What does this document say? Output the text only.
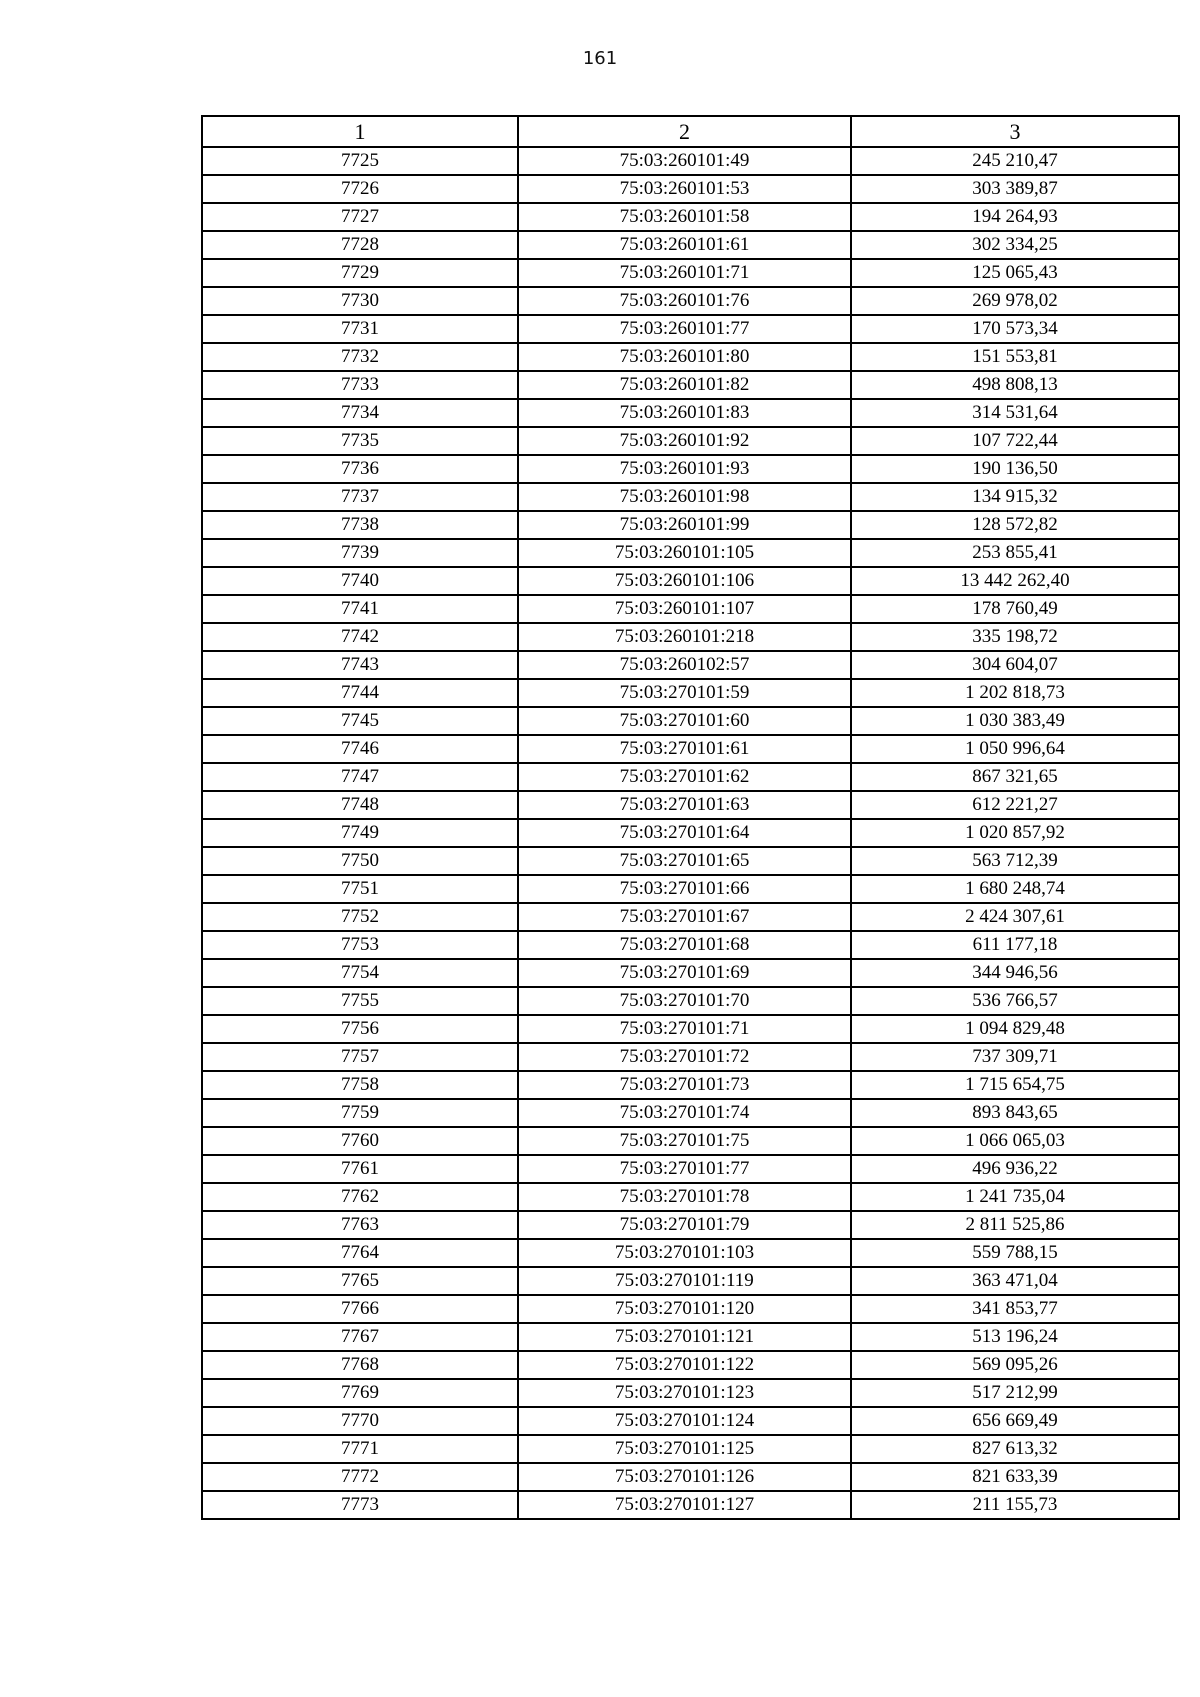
161
1	2	3
7725	75:03:260101:49	245 210,47
7726	75:03:260101:53	303 389,87
7727	75:03:260101:58	194 264,93
7728	75:03:260101:61	302 334,25
7729	75:03:260101:71	125 065,43
7730	75:03:260101:76	269 978,02
7731	75:03:260101:77	170 573,34
7732	75:03:260101:80	151 553,81
7733	75:03:260101:82	498 808,13
7734	75:03:260101:83	314 531,64
7735	75:03:260101:92	107 722,44
7736	75:03:260101:93	190 136,50
7737	75:03:260101:98	134 915,32
7738	75:03:260101:99	128 572,82
7739	75:03:260101:105	253 855,41
7740	75:03:260101:106	13 442 262,40
7741	75:03:260101:107	178 760,49
7742	75:03:260101:218	335 198,72
7743	75:03:260102:57	304 604,07
7744	75:03:270101:59	1 202 818,73
7745	75:03:270101:60	1 030 383,49
7746	75:03:270101:61	1 050 996,64
7747	75:03:270101:62	867 321,65
7748	75:03:270101:63	612 221,27
7749	75:03:270101:64	1 020 857,92
7750	75:03:270101:65	563 712,39
7751	75:03:270101:66	1 680 248,74
7752	75:03:270101:67	2 424 307,61
7753	75:03:270101:68	611 177,18
7754	75:03:270101:69	344 946,56
7755	75:03:270101:70	536 766,57
7756	75:03:270101:71	1 094 829,48
7757	75:03:270101:72	737 309,71
7758	75:03:270101:73	1 715 654,75
7759	75:03:270101:74	893 843,65
7760	75:03:270101:75	1 066 065,03
7761	75:03:270101:77	496 936,22
7762	75:03:270101:78	1 241 735,04
7763	75:03:270101:79	2 811 525,86
7764	75:03:270101:103	559 788,15
7765	75:03:270101:119	363 471,04
7766	75:03:270101:120	341 853,77
7767	75:03:270101:121	513 196,24
7768	75:03:270101:122	569 095,26
7769	75:03:270101:123	517 212,99
7770	75:03:270101:124	656 669,49
7771	75:03:270101:125	827 613,32
7772	75:03:270101:126	821 633,39
7773	75:03:270101:127	211 155,73
